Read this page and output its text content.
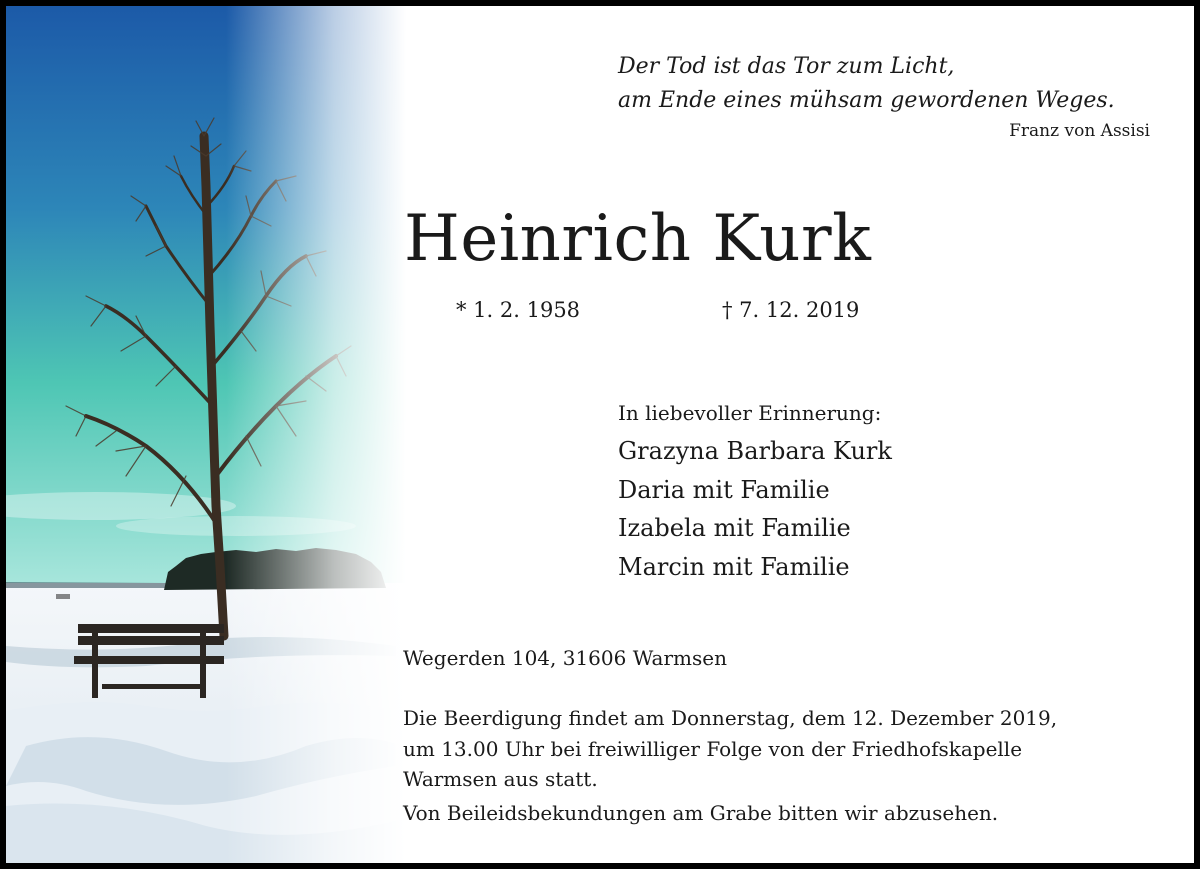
Der Tod ist das Tor zum Licht,
am Ende eines mühsam gewordenen Weges.
Franz von Assisi
Heinrich Kurk
* 1. 2. 1958	† 7. 12. 2019
In liebevoller Erinnerung:
Grazyna Barbara Kurk
Daria mit Familie
Izabela mit Familie
Marcin mit Familie
Wegerden 104, 31606 Warmsen
Die Beerdigung findet am Donnerstag, dem 12. Dezember 2019,
um 13.00 Uhr bei freiwilliger Folge von der Friedhofskapelle
Warmsen aus statt.
Von Beileidsbekundungen am Grabe bitten wir abzusehen.
